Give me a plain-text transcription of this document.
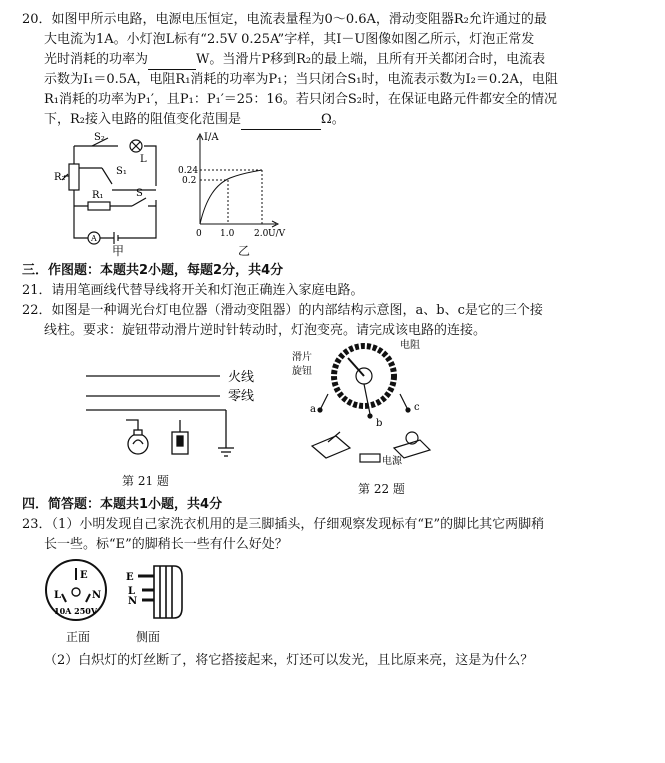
20．如图甲所示电路，电源电压恒定，电流表量程为0～0.6A，滑动变阻器R₂允许通过的最
大电流为1A。小灯泡L标有“2.5V 0.25A”字样，其I－U图像如图乙所示，灯泡正常发
光时消耗的功率为	W。当滑片P移到R₂的最上端，且所有开关都闭合时，电流表
示数为I₁＝0.5A，电阻R₁消耗的功率为P₁；当只闭合S₁时，电流表示数为I₂＝0.2A，电阻
R₁消耗的功率为P₁′，且P₁：P₁′＝25：16。若只闭合S₂时，在保证电路元件都安全的情况
下，R₂接入电路的阻值变化范围是	Ω。
S₂
L
S₁
R₂
R₁	S
A
甲
I/A
0.24
0.2
0 1.0 2.0 U/V
乙
三．作图题：本题共2小题，每题2分，共4分
21．请用笔画线代替导线将开关和灯泡正确连入家庭电路。
22．如图是一种调光台灯电位器（滑动变阻器）的内部结构示意图，a、b、c是它的三个接
线柱。要求：旋钮带动滑片逆时针转动时，灯泡变亮。请完成该电路的连接。
火线
零线
第 21 题
电阻
滑片
旋钮
a
b
c
电源
第 22 题
四．简答题：本题共1小题，共4分
23．（1）小明发现自己家洗衣机用的是三脚插头，仔细观察发现标有“E”的脚比其它两脚稍
长一些。标“E”的脚稍长一些有什么好处？
E
L	N
10A 250V
正面
E
L
N
侧面
（2）白炽灯的灯丝断了，将它搭接起来，灯还可以发光，且比原来亮，这是为什么？
